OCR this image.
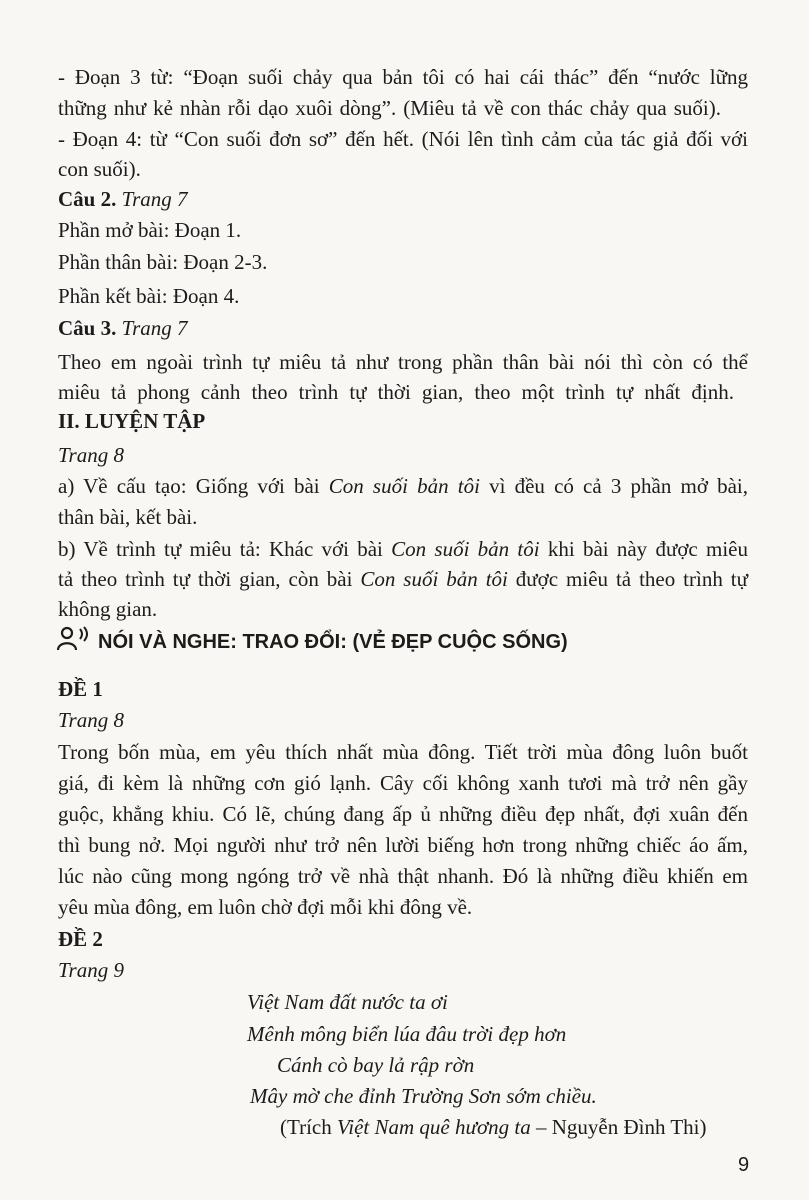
- Đoạn 3 từ: “Đoạn suối chảy qua bản tôi có hai cái thác” đến “nước lững
thững như kẻ nhàn rỗi dạo xuôi dòng”. (Miêu tả về con thác chảy qua suối).
- Đoạn 4: từ “Con suối đơn sơ” đến hết. (Nói lên tình cảm của tác giả đối với
con suối).
Câu 2. Trang 7
Phần mở bài: Đoạn 1.
Phần thân bài: Đoạn 2-3.
Phần kết bài: Đoạn 4.
Câu 3. Trang 7
Theo em ngoài trình tự miêu tả như trong phần thân bài nói thì còn có thể
miêu tả phong cảnh theo trình tự thời gian, theo một trình tự nhất định.
II. LUYỆN TẬP
Trang 8
a) Về cấu tạo: Giống với bài Con suối bản tôi vì đều có cả 3 phần mở bài,
thân bài, kết bài.
b) Về trình tự miêu tả: Khác với bài Con suối bản tôi khi bài này được miêu
tả theo trình tự thời gian, còn bài Con suối bản tôi được miêu tả theo trình tự
không gian.
NÓI VÀ NGHE: TRAO ĐỔI: (VẺ ĐẸP CUỘC SỐNG)
ĐỀ 1
Trang 8
Trong bốn mùa, em yêu thích nhất mùa đông. Tiết trời mùa đông luôn buốt
giá, đi kèm là những cơn gió lạnh. Cây cối không xanh tươi mà trở nên gầy
guộc, khẳng khiu. Có lẽ, chúng đang ấp ủ những điều đẹp nhất, đợi xuân đến
thì bung nở. Mọi người như trở nên lười biếng hơn trong những chiếc áo ấm,
lúc nào cũng mong ngóng trở về nhà thật nhanh. Đó là những điều khiến em
yêu mùa đông, em luôn chờ đợi mỗi khi đông về.
ĐỀ 2
Trang 9
Việt Nam đất nước ta ơi
Mênh mông biển lúa đâu trời đẹp hơn
Cánh cò bay lả rập rờn
Mây mờ che đỉnh Trường Sơn sớm chiều.
(Trích Việt Nam quê hương ta – Nguyễn Đình Thi)
9
